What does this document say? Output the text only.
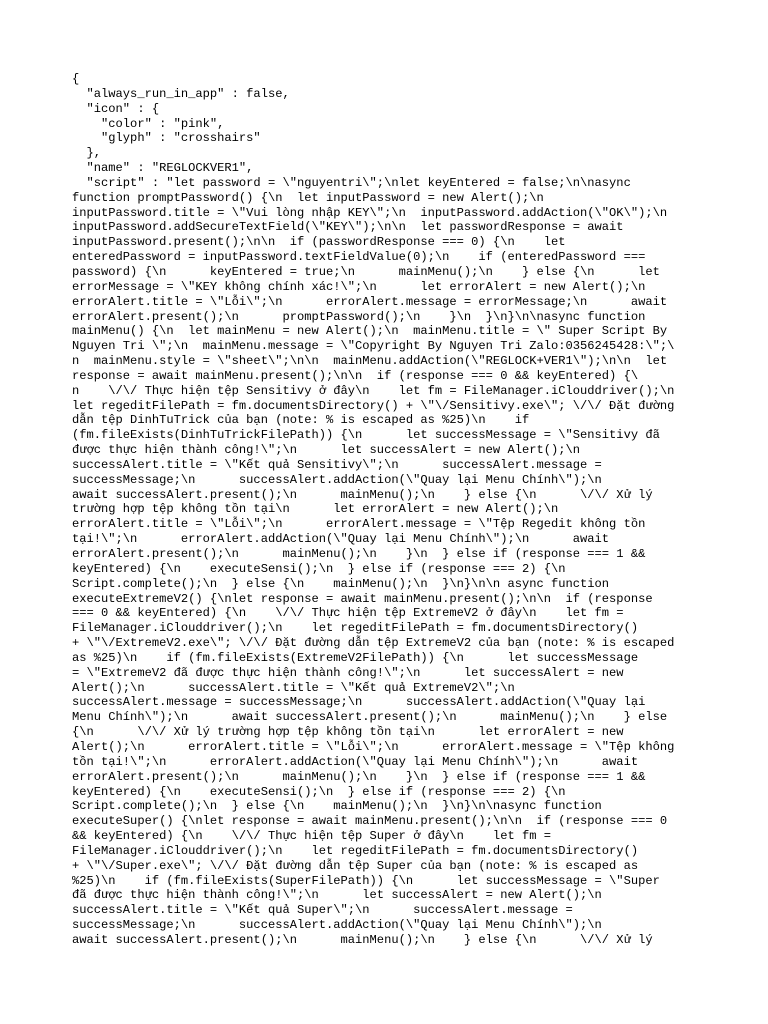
{
"always_run_in_app" : false,
"icon" : {
"color" : "pink",
"glyph" : "crosshairs"
},
"name" : "REGLOCKVER1",
"script" : "let password = \"nguyentri\";\nlet keyEntered = false;\n\nasync
function promptPassword() {\n  let inputPassword = new Alert();\n
inputPassword.title = \"Vui lòng nhập KEY\";\n  inputPassword.addAction(\"OK\");\n
inputPassword.addSecureTextField(\"KEY\");\n\n  let passwordResponse = await
inputPassword.present();\n\n  if (passwordResponse === 0) {\n    let
enteredPassword = inputPassword.textFieldValue(0);\n    if (enteredPassword ===
password) {\n      keyEntered = true;\n      mainMenu();\n    } else {\n      let
errorMessage = \"KEY không chính xác!\";\n      let errorAlert = new Alert();\n
errorAlert.title = \"Lỗi\";\n      errorAlert.message = errorMessage;\n      await
errorAlert.present();\n      promptPassword();\n    }\n  }\n}\n\nasync function
mainMenu() {\n  let mainMenu = new Alert();\n  mainMenu.title = \" Super Script By
Nguyen Tri \";\n  mainMenu.message = \"Copyright By Nguyen Tri Zalo:0356245428:\";\
n  mainMenu.style = \"sheet\";\n\n  mainMenu.addAction(\"REGLOCK+VER1\");\n\n  let
response = await mainMenu.present();\n\n  if (response === 0 && keyEntered) {\
n    \/\/ Thực hiện tệp Sensitivy ở đây\n    let fm = FileManager.iClouddriver();\n
let regeditFilePath = fm.documentsDirectory() + \"\/Sensitivy.exe\"; \/\/ Đặt đường
dẫn tệp DinhTuTrick của bạn (note: % is escaped as %25)\n    if
(fm.fileExists(DinhTuTrickFilePath)) {\n      let successMessage = \"Sensitivy đã
được thực hiện thành công!\";\n      let successAlert = new Alert();\n
successAlert.title = \"Kết quả Sensitivy\";\n      successAlert.message =
successMessage;\n      successAlert.addAction(\"Quay lại Menu Chính\");\n
await successAlert.present();\n      mainMenu();\n    } else {\n      \/\/ Xử lý
trường hợp tệp không tồn tại\n      let errorAlert = new Alert();\n
errorAlert.title = \"Lỗi\";\n      errorAlert.message = \"Tệp Regedit không tồn
tại!\";\n      errorAlert.addAction(\"Quay lại Menu Chính\");\n      await
errorAlert.present();\n      mainMenu();\n    }\n  } else if (response === 1 &&
keyEntered) {\n    executeSensi();\n  } else if (response === 2) {\n
Script.complete();\n  } else {\n    mainMenu();\n  }\n}\n\n async function
executeExtremeV2() {\nlet response = await mainMenu.present();\n\n  if (response
=== 0 && keyEntered) {\n    \/\/ Thực hiện tệp ExtremeV2 ở đây\n    let fm =
FileManager.iClouddriver();\n    let regeditFilePath = fm.documentsDirectory()
+ \"\/ExtremeV2.exe\"; \/\/ Đặt đường dẫn tệp ExtremeV2 của bạn (note: % is escaped
as %25)\n    if (fm.fileExists(ExtremeV2FilePath)) {\n      let successMessage
= \"ExtremeV2 đã được thực hiện thành công!\";\n      let successAlert = new
Alert();\n      successAlert.title = \"Kết quả ExtremeV2\";\n
successAlert.message = successMessage;\n      successAlert.addAction(\"Quay lại
Menu Chính\");\n      await successAlert.present();\n      mainMenu();\n    } else
{\n      \/\/ Xử lý trường hợp tệp không tồn tại\n      let errorAlert = new
Alert();\n      errorAlert.title = \"Lỗi\";\n      errorAlert.message = \"Tệp không
tồn tại!\";\n      errorAlert.addAction(\"Quay lại Menu Chính\");\n      await
errorAlert.present();\n      mainMenu();\n    }\n  } else if (response === 1 &&
keyEntered) {\n    executeSensi();\n  } else if (response === 2) {\n
Script.complete();\n  } else {\n    mainMenu();\n  }\n}\n\nasync function
executeSuper() {\nlet response = await mainMenu.present();\n\n  if (response === 0
&& keyEntered) {\n    \/\/ Thực hiện tệp Super ở đây\n    let fm =
FileManager.iClouddriver();\n    let regeditFilePath = fm.documentsDirectory()
+ \"\/Super.exe\"; \/\/ Đặt đường dẫn tệp Super của bạn (note: % is escaped as
%25)\n    if (fm.fileExists(SuperFilePath)) {\n      let successMessage = \"Super
đã được thực hiện thành công!\";\n      let successAlert = new Alert();\n
successAlert.title = \"Kết quả Super\";\n      successAlert.message =
successMessage;\n      successAlert.addAction(\"Quay lại Menu Chính\");\n
await successAlert.present();\n      mainMenu();\n    } else {\n      \/\/ Xử lý
